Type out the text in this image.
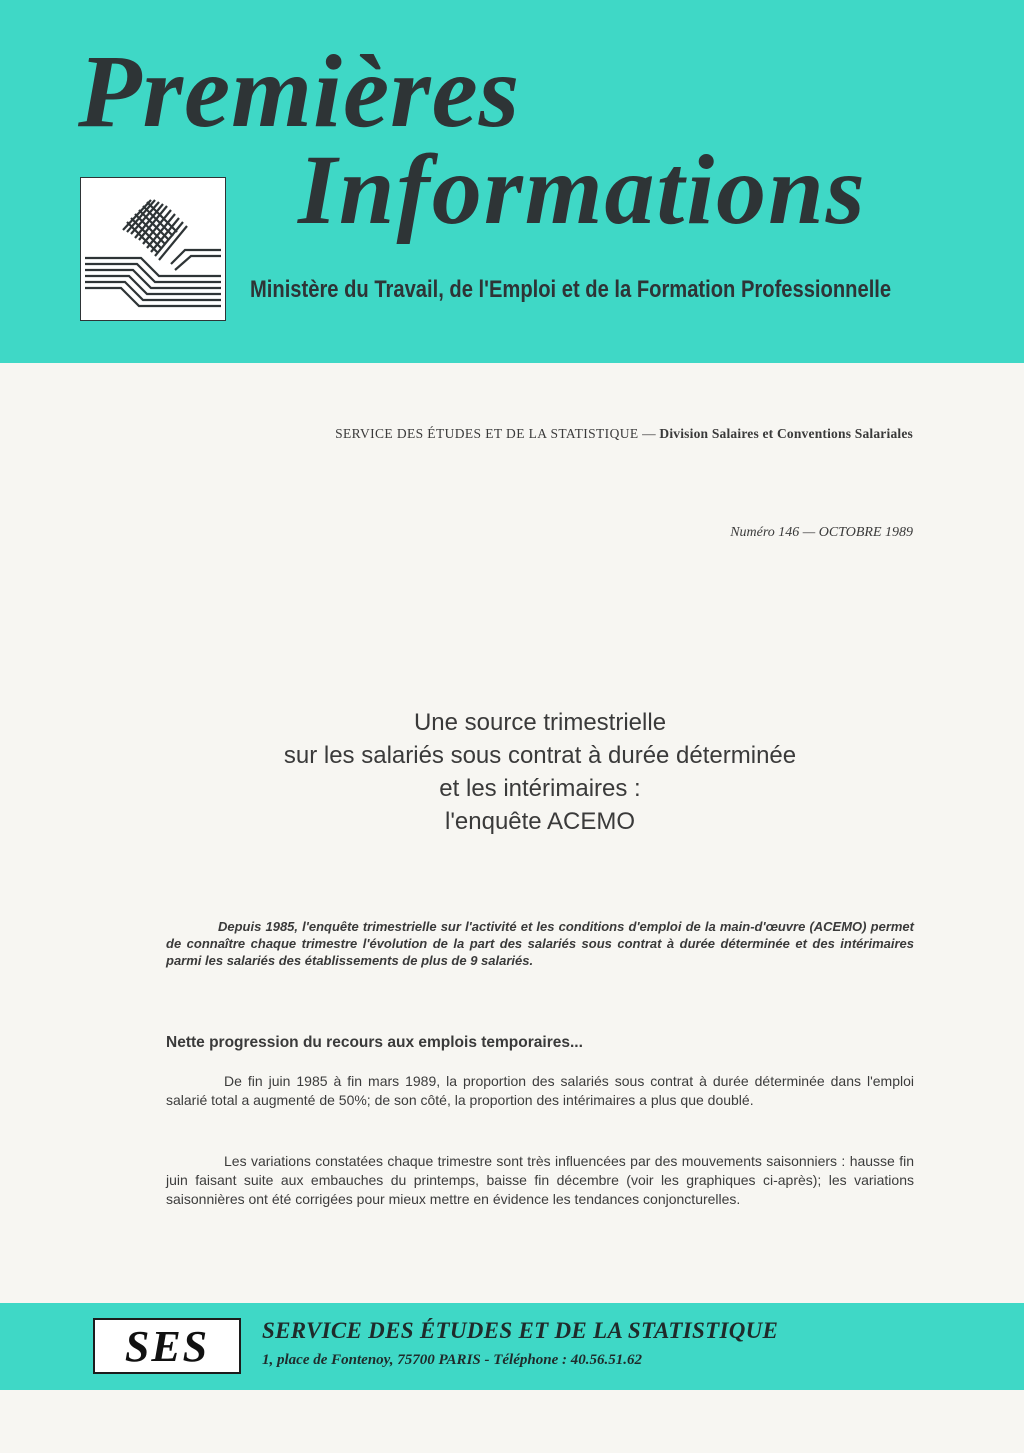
Premières
Informations
Ministère du Travail, de l'Emploi et de la Formation Professionnelle
SERVICE DES ÉTUDES ET DE LA STATISTIQUE — Division Salaires et Conventions Salariales
Numéro 146 — OCTOBRE 1989
Une source trimestrielle
sur les salariés sous contrat à durée déterminée
et les intérimaires :
l'enquête ACEMO

Depuis 1985, l'enquête trimestrielle sur l'activité et les conditions d'emploi de la main-d'œuvre (ACEMO) permet de connaître chaque trimestre l'évolution de la part des salariés sous contrat à durée déterminée et des intérimaires parmi les salariés des établissements de plus de 9 salariés.

Nette progression du recours aux emplois temporaires...

De fin juin 1985 à fin mars 1989, la proportion des salariés sous contrat à durée déterminée dans l'emploi salarié total a augmenté de 50%; de son côté, la proportion des intérimaires a plus que doublé.

Les variations constatées chaque trimestre sont très influencées par des mouvements saisonniers : hausse fin juin faisant suite aux embauches du printemps, baisse fin décembre (voir les graphiques ci-après); les variations saisonnières ont été corrigées pour mieux mettre en évidence les tendances conjoncturelles.

SES	SERVICE DES ÉTUDES ET DE LA STATISTIQUE
1, place de Fontenoy, 75700 PARIS - Téléphone : 40.56.51.62
